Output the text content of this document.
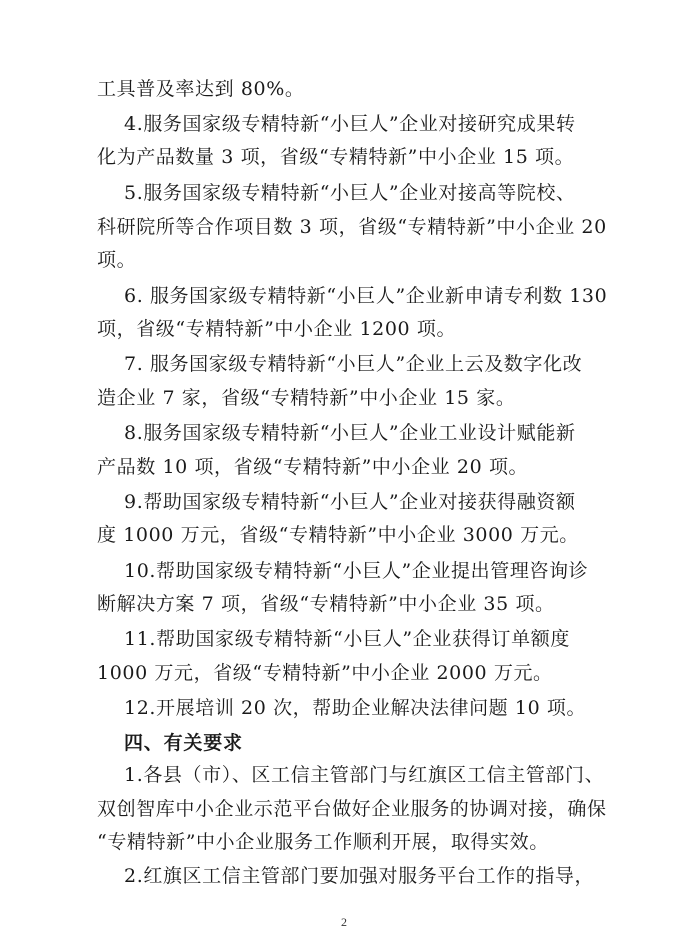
工具普及率达到 80%。
4.服务国家级专精特新“小巨人”企业对接研究成果转
化为产品数量 3 项，省级“专精特新”中小企业 15 项。
5.服务国家级专精特新“小巨人”企业对接高等院校、
科研院所等合作项目数 3 项，省级“专精特新”中小企业 20
项。
6. 服务国家级专精特新“小巨人”企业新申请专利数 130
项，省级“专精特新”中小企业 1200 项。
7. 服务国家级专精特新“小巨人”企业上云及数字化改
造企业 7 家，省级“专精特新”中小企业 15 家。
8.服务国家级专精特新“小巨人”企业工业设计赋能新
产品数 10 项，省级“专精特新”中小企业 20 项。
9.帮助国家级专精特新“小巨人”企业对接获得融资额
度 1000 万元，省级“专精特新”中小企业 3000 万元。
10.帮助国家级专精特新“小巨人”企业提出管理咨询诊
断解决方案 7 项，省级“专精特新”中小企业 35 项。
11.帮助国家级专精特新“小巨人”企业获得订单额度
1000 万元，省级“专精特新”中小企业 2000 万元。
12.开展培训 20 次，帮助企业解决法律问题 10 项。
四、有关要求
1.各县（市）、区工信主管部门与红旗区工信主管部门、
双创智库中小企业示范平台做好企业服务的协调对接，确保
“专精特新”中小企业服务工作顺利开展，取得实效。
2.红旗区工信主管部门要加强对服务平台工作的指导，
2
